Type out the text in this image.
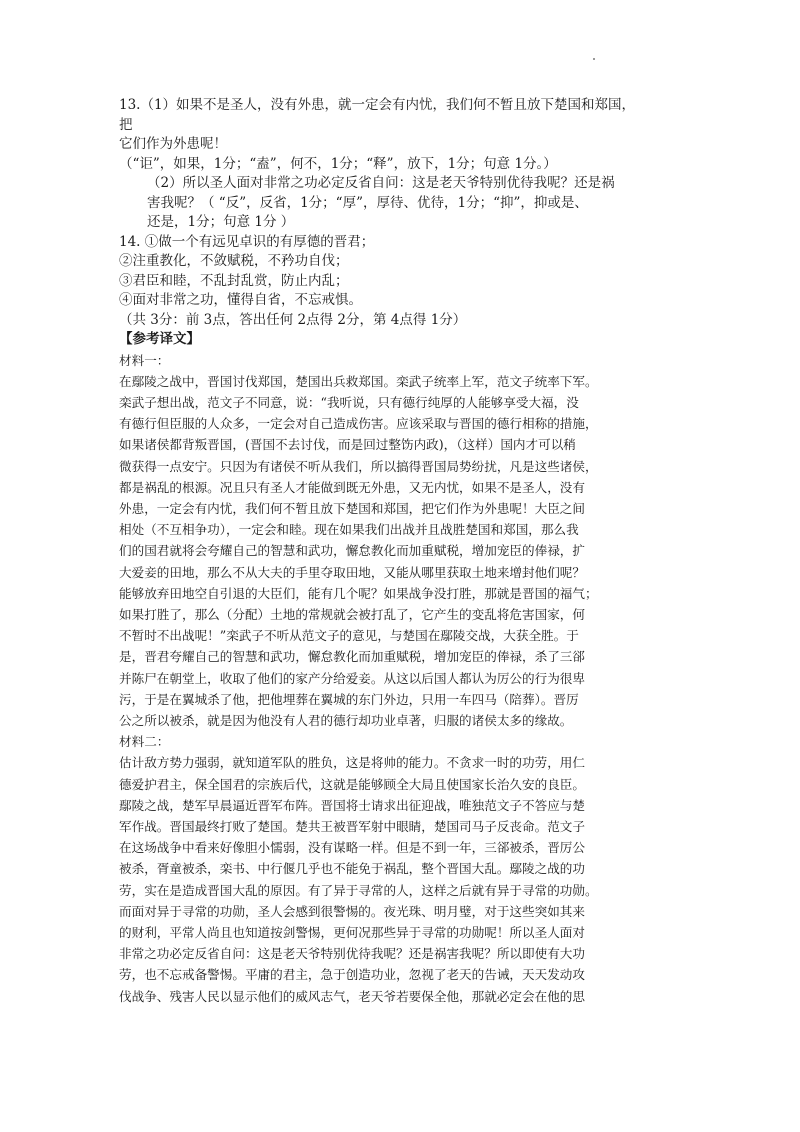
13.（1）如果不是圣人，没有外患，就一定会有内忧，我们何不暂且放下楚国和郑国，

把

它们作为外患呢！

（“讵”，如果，1分；“盍”，何不，1分；“释”，放下，1分；句意 1分。）

（2）所以圣人面对非常之功必定反省自问：这是老天爷特别优待我呢？还是祸

害我呢？（ “反”，反省，1分；“厚”，厚待、优待，1分；“抑”，抑或是、

还是，1分；句意 1分 ）

14. ①做一个有远见卓识的有厚德的晋君；

②注重教化，不敛赋税，不矜功自伐；

③君臣和睦，不乱封乱赏，防止内乱；

④面对非常之功，懂得自省，不忘戒惧。

（共 3分：前 3点，答出任何 2点得 2分，第 4点得 1分）

【参考译文】

材料一：

在鄢陵之战中，晋国讨伐郑国，楚国出兵救郑国。栾武子统率上军，范文子统率下军。

栾武子想出战，范文子不同意，说：“我听说，只有德行纯厚的人能够享受大福，没

有德行但臣服的人众多，一定会对自己造成伤害。应该采取与晋国的德行相称的措施，

如果诸侯都背叛晋国，(晋国不去讨伐，而是回过整饬内政)，（这样）国内才可以稍

微获得一点安宁。只因为有诸侯不听从我们，所以搞得晋国局势纷扰，凡是这些诸侯，

都是祸乱的根源。况且只有圣人才能做到既无外患，又无内忧，如果不是圣人，没有

外患，一定会有内忧，我们何不暂且放下楚国和郑国，把它们作为外患呢！大臣之间

相处（不互相争功），一定会和睦。现在如果我们出战并且战胜楚国和郑国，那么我

们的国君就将会夸耀自己的智慧和武功，懈怠教化而加重赋税，增加宠臣的俸禄，扩

大爱妾的田地，那么不从大夫的手里夺取田地，又能从哪里获取土地来增封他们呢？

能够放弃田地空自引退的大臣们，能有几个呢？如果战争没打胜，那就是晋国的福气；

如果打胜了，那么（分配）土地的常规就会被打乱了，它产生的变乱将危害国家，何

不暂时不出战呢！”栾武子不听从范文子的意见，与楚国在鄢陵交战，大获全胜。于

是，晋君夸耀自己的智慧和武功，懈怠教化而加重赋税，增加宠臣的俸禄，杀了三郤

并陈尸在朝堂上，收取了他们的家产分给爱妾。从这以后国人都认为厉公的行为很卑

污，于是在翼城杀了他，把他埋葬在翼城的东门外边，只用一车四马（陪葬）。晋厉

公之所以被杀，就是因为他没有人君的德行却功业卓著，归服的诸侯太多的缘故。

材料二：

估计敌方势力强弱，就知道军队的胜负，这是将帅的能力。不贪求一时的功劳，用仁

德爱护君主，保全国君的宗族后代，这就是能够顾全大局且使国家长治久安的良臣。

鄢陵之战，楚军早晨逼近晋军布阵。晋国将士请求出征迎战，唯独范文子不答应与楚

军作战。晋国最终打败了楚国。楚共王被晋军射中眼睛，楚国司马子反丧命。范文子

在这场战争中看来好像胆小懦弱，没有谋略一样。但是不到一年，三郤被杀，晋厉公

被杀，胥童被杀，栾书、中行偃几乎也不能免于祸乱，整个晋国大乱。鄢陵之战的功

劳，实在是造成晋国大乱的原因。有了异于寻常的人，这样之后就有异于寻常的功勋。

而面对异于寻常的功勋，圣人会感到很警惕的。夜光珠、明月璧，对于这些突如其来

的财利，平常人尚且也知道按剑警惕，更何况那些异于寻常的功勋呢！所以圣人面对

非常之功必定反省自问：这是老天爷特别优待我呢？还是祸害我呢？所以即使有大功

劳，也不忘戒备警惕。平庸的君主，急于创造功业，忽视了老天的告诫，天天发动攻

伐战争、残害人民以显示他们的威风志气，老天爷若要保全他，那就必定会在他的思
